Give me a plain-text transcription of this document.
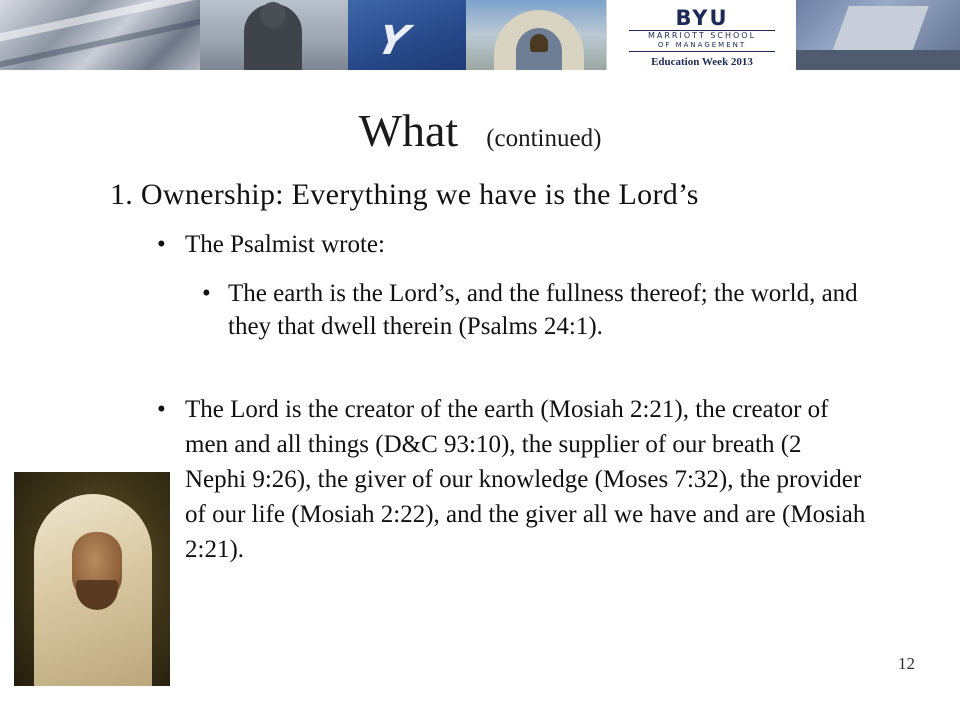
Y	BYU
MARRIOTT SCHOOL
OF MANAGEMENT
Education Week 2013
What (continued)
1. Ownership: Everything we have is the Lord’s
• The Psalmist wrote:
• The earth is the Lord’s, and the fullness thereof; the world, and they that dwell therein (Psalms 24:1).
• The Lord is the creator of the earth (Mosiah 2:21), the creator of men and all things (D&C 93:10), the supplier of our breath (2 Nephi 9:26), the giver of our knowledge (Moses 7:32), the provider of our life (Mosiah 2:22), and the giver all we have and are (Mosiah 2:21).
12
